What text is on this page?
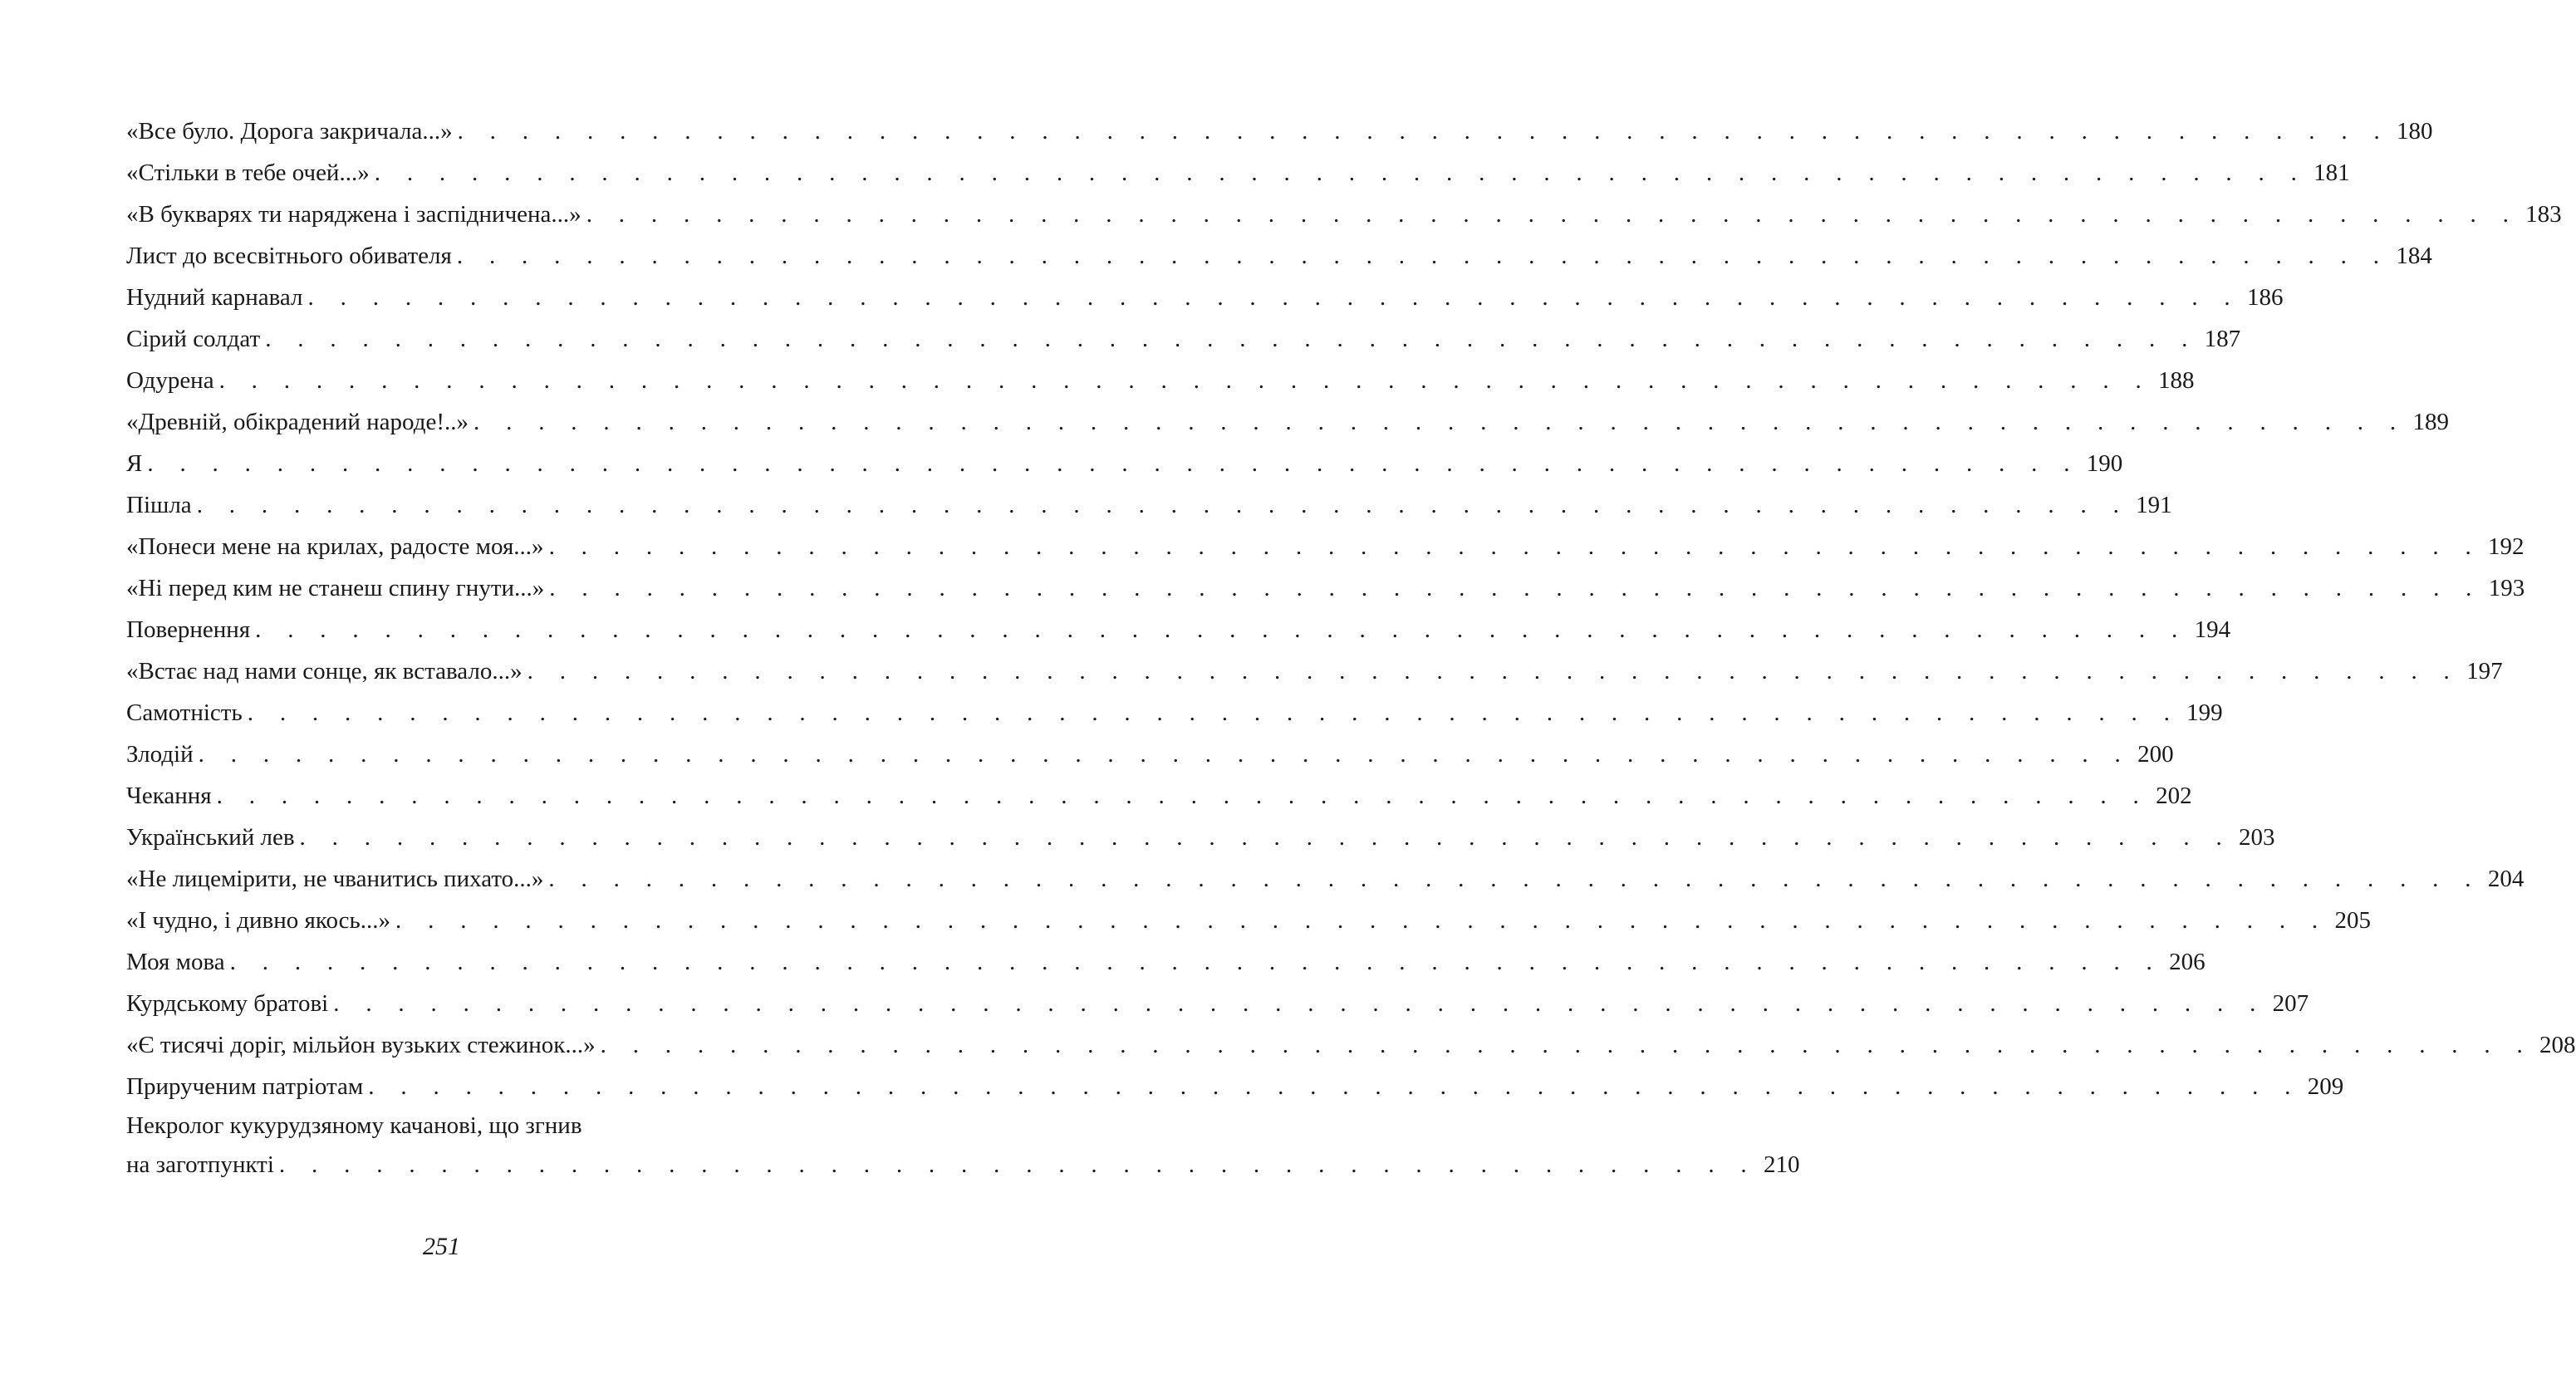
«Все було. Дорога закричала...» . . . . . . . . . . . . . . . . . . . . . . . . . . . . . . . . . . . . . . . . . . . . . . . . . . . . . . . . . . . . 180
«Стільки в тебе очей...» . . . . . . . . . . . . . . . . . . . . . . . . . . . . . . . . . . . . . . . . . . . . . . . . . . . . . . . . . . . . 181
«В букварях ти наряджена і заспідничена...» . . . . . . . . . . . . . . . . . . . . . . . . . . . . . . . . . . . . . . . . . . . . . . . . . . . . . . . . . . . . 183
Лист до всесвітнього обивателя . . . . . . . . . . . . . . . . . . . . . . . . . . . . . . . . . . . . . . . . . . . . . . . . . . . . . . . . . . . . 184
Нудний карнавал . . . . . . . . . . . . . . . . . . . . . . . . . . . . . . . . . . . . . . . . . . . . . . . . . . . . . . . . . . . . 186
Сірий солдат . . . . . . . . . . . . . . . . . . . . . . . . . . . . . . . . . . . . . . . . . . . . . . . . . . . . . . . . . . . . 187
Одурена . . . . . . . . . . . . . . . . . . . . . . . . . . . . . . . . . . . . . . . . . . . . . . . . . . . . . . . . . . . . 188
«Древній, обікрадений народе!..» . . . . . . . . . . . . . . . . . . . . . . . . . . . . . . . . . . . . . . . . . . . . . . . . . . . . . . . . . . . . 189
Я . . . . . . . . . . . . . . . . . . . . . . . . . . . . . . . . . . . . . . . . . . . . . . . . . . . . . . . . . . . . 190
Пішла . . . . . . . . . . . . . . . . . . . . . . . . . . . . . . . . . . . . . . . . . . . . . . . . . . . . . . . . . . . . 191
«Понеси мене на крилах, радосте моя...» . . . . . . . . . . . . . . . . . . . . . . . . . . . . . . . . . . . . . . . . . . . . . . . . . . . . . . . . . . . . 192
«Ні перед ким не станеш спину гнути...» . . . . . . . . . . . . . . . . . . . . . . . . . . . . . . . . . . . . . . . . . . . . . . . . . . . . . . . . . . . . 193
Повернення . . . . . . . . . . . . . . . . . . . . . . . . . . . . . . . . . . . . . . . . . . . . . . . . . . . . . . . . . . . . 194
«Встає над нами сонце, як вставало...» . . . . . . . . . . . . . . . . . . . . . . . . . . . . . . . . . . . . . . . . . . . . . . . . . . . . . . . . . . . . 197
Самотність . . . . . . . . . . . . . . . . . . . . . . . . . . . . . . . . . . . . . . . . . . . . . . . . . . . . . . . . . . . . 199
Злодій . . . . . . . . . . . . . . . . . . . . . . . . . . . . . . . . . . . . . . . . . . . . . . . . . . . . . . . . . . . . 200
Чекання . . . . . . . . . . . . . . . . . . . . . . . . . . . . . . . . . . . . . . . . . . . . . . . . . . . . . . . . . . . . 202
Український лев . . . . . . . . . . . . . . . . . . . . . . . . . . . . . . . . . . . . . . . . . . . . . . . . . . . . . . . . . . . . 203
«Не лицемірити, не чванитись пихато...» . . . . . . . . . . . . . . . . . . . . . . . . . . . . . . . . . . . . . . . . . . . . . . . . . . . . . . . . . . . . 204
«І чудно, і дивно якось...» . . . . . . . . . . . . . . . . . . . . . . . . . . . . . . . . . . . . . . . . . . . . . . . . . . . . . . . . . . . . 205
Моя мова . . . . . . . . . . . . . . . . . . . . . . . . . . . . . . . . . . . . . . . . . . . . . . . . . . . . . . . . . . . . 206
Курдському братові . . . . . . . . . . . . . . . . . . . . . . . . . . . . . . . . . . . . . . . . . . . . . . . . . . . . . . . . . . . . 207
«Є тисячі доріг, мільйон вузьких стежинок...» . . . . . . . . . . . . . . . . . . . . . . . . . . . . . . . . . . . . . . . . . . . . . . . . . . . . . . . . . . . . 208
Прирученим патріотам . . . . . . . . . . . . . . . . . . . . . . . . . . . . . . . . . . . . . . . . . . . . . . . . . . . . . . . . . . . . 209
Некролог кукурудзяному качанові, що згнив
на заготпункті . . . . . . . . . . . . . . . . . . . . . . . . . . . . . . . . . . . . . . . . . . . . . . 210
251
